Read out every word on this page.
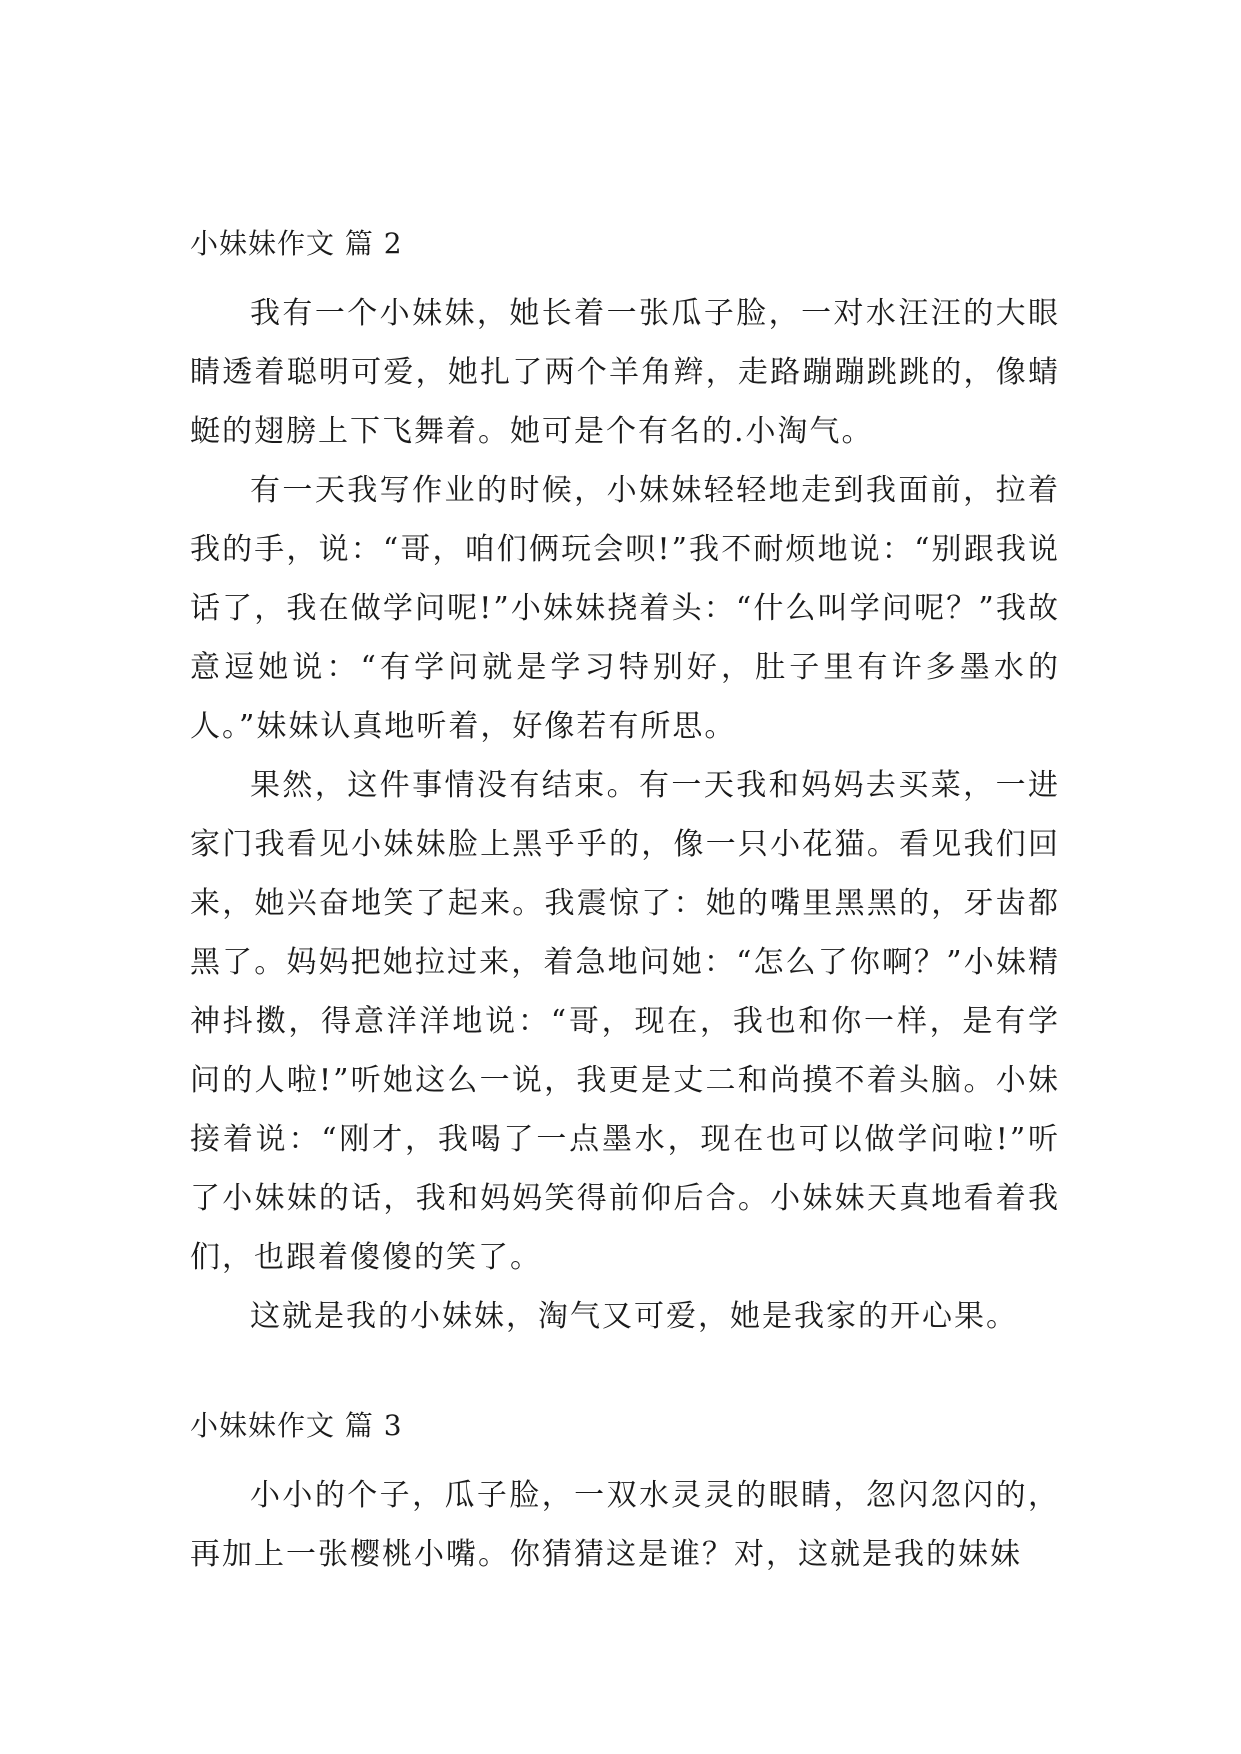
小妹妹作文 篇 2

我有一个小妹妹，她长着一张瓜子脸，一对水汪汪的大眼睛透着聪明可爱，她扎了两个羊角辫，走路蹦蹦跳跳的，像蜻蜓的翅膀上下飞舞着。她可是个有名的.小淘气。

有一天我写作业的时候，小妹妹轻轻地走到我面前，拉着我的手，说：“哥，咱们俩玩会呗!”我不耐烦地说：“别跟我说话了，我在做学问呢!”小妹妹挠着头：“什么叫学问呢？”我故意逗她说：“有学问就是学习特别好，肚子里有许多墨水的人。”妹妹认真地听着，好像若有所思。

果然，这件事情没有结束。有一天我和妈妈去买菜，一进家门我看见小妹妹脸上黑乎乎的，像一只小花猫。看见我们回来，她兴奋地笑了起来。我震惊了：她的嘴里黑黑的，牙齿都黑了。妈妈把她拉过来，着急地问她：“怎么了你啊？”小妹精神抖擞，得意洋洋地说：“哥，现在，我也和你一样，是有学问的人啦!”听她这么一说，我更是丈二和尚摸不着头脑。小妹接着说：“刚才，我喝了一点墨水，现在也可以做学问啦!”听了小妹妹的话，我和妈妈笑得前仰后合。小妹妹天真地看着我们，也跟着傻傻的笑了。

这就是我的小妹妹，淘气又可爱，她是我家的开心果。

小妹妹作文 篇 3

小小的个子，瓜子脸，一双水灵灵的眼睛，忽闪忽闪的，再加上一张樱桃小嘴。你猜猜这是谁？对，这就是我的妹妹
